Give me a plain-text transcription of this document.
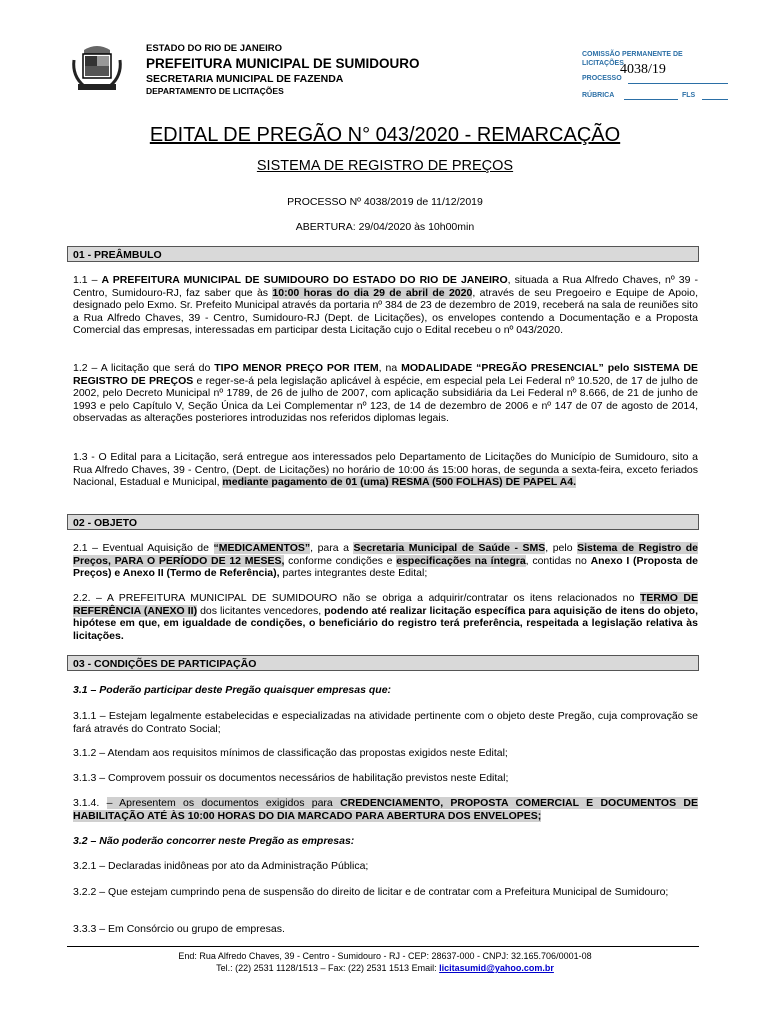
ESTADO DO RIO DE JANEIRO
PREFEITURA MUNICIPAL DE SUMIDOURO
SECRETARIA MUNICIPAL DE FAZENDA
DEPARTAMENTO DE LICITAÇÕES
COMISSÃO PERMANENTE DE
LICITAÇÕES
4038/19
PROCESSO
RÚBRICA	FLS
EDITAL DE PREGÃO N° 043/2020 - REMARCAÇÃO
SISTEMA DE REGISTRO DE PREÇOS
PROCESSO Nº 4038/2019 de 11/12/2019
ABERTURA: 29/04/2020 às 10h00min
01 - PREÂMBULO
1.1 – A PREFEITURA MUNICIPAL DE SUMIDOURO DO ESTADO DO RIO DE JANEIRO, situada a Rua Alfredo Chaves, nº 39 - Centro, Sumidouro-RJ, faz saber que às 10:00 horas do dia 29 de abril de 2020, através de seu Pregoeiro e Equipe de Apoio, designado pelo Exmo. Sr. Prefeito Municipal através da portaria nº 384 de 23 de dezembro de 2019, receberá na sala de reuniões sito a Rua Alfredo Chaves, 39 - Centro, Sumidouro-RJ (Dept. de Licitações), os envelopes contendo a Documentação e a Proposta Comercial das empresas, interessadas em participar desta Licitação cujo o Edital recebeu o nº 043/2020.
1.2 – A licitação que será do TIPO MENOR PREÇO POR ITEM, na MODALIDADE “PREGÃO PRESENCIAL” pelo SISTEMA DE REGISTRO DE PREÇOS e reger-se-á pela legislação aplicável à espécie, em especial pela Lei Federal nº 10.520, de 17 de julho de 2002, pelo Decreto Municipal nº 1789, de 26 de julho de 2007, com aplicação subsidiária da Lei Federal nº 8.666, de 21 de junho de 1993 e pelo Capítulo V, Seção Única da Lei Complementar nº 123, de 14 de dezembro de 2006 e nº 147 de 07 de agosto de 2014, observadas as alterações posteriores introduzidas nos referidos diplomas legais.
1.3 - O Edital para a Licitação, será entregue aos interessados pelo Departamento de Licitações do Município de Sumidouro, sito a Rua Alfredo Chaves, 39 - Centro, (Dept. de Licitações) no horário de 10:00 ás 15:00 horas, de segunda a sexta-feira, exceto feriados Nacional, Estadual e Municipal, mediante pagamento de 01 (uma) RESMA (500 FOLHAS) DE PAPEL A4.
02 - OBJETO
2.1 – Eventual Aquisição de “MEDICAMENTOS”, para a Secretaria Municipal de Saúde - SMS, pelo Sistema de Registro de Preços, PARA O PERÍODO DE 12 MESES, conforme condições e especificações na íntegra, contidas no Anexo I (Proposta de Preços) e Anexo II (Termo de Referência), partes integrantes deste Edital;
2.2. – A PREFEITURA MUNICIPAL DE SUMIDOURO não se obriga a adquirir/contratar os itens relacionados no TERMO DE REFERÊNCIA (ANEXO II) dos licitantes vencedores, podendo até realizar licitação específica para aquisição de itens do objeto, hipótese em que, em igualdade de condições, o beneficiário do registro terá preferência, respeitada a legislação relativa às licitações.
03 - CONDIÇÕES DE PARTICIPAÇÃO
3.1 – Poderão participar deste Pregão quaisquer empresas que:
3.1.1 – Estejam legalmente estabelecidas e especializadas na atividade pertinente com o objeto deste Pregão, cuja comprovação se fará através do Contrato Social;
3.1.2 – Atendam aos requisitos mínimos de classificação das propostas exigidos neste Edital;
3.1.3 – Comprovem possuir os documentos necessários de habilitação previstos neste Edital;
3.1.4. – Apresentem os documentos exigidos para CREDENCIAMENTO, PROPOSTA COMERCIAL E DOCUMENTOS DE HABILITAÇÃO ATÉ ÀS 10:00 HORAS DO DIA MARCADO PARA ABERTURA DOS ENVELOPES;
3.2 – Não poderão concorrer neste Pregão as empresas:
3.2.1 – Declaradas inidôneas por ato da Administração Pública;
3.2.2 – Que estejam cumprindo pena de suspensão do direito de licitar e de contratar com a Prefeitura Municipal de Sumidouro;
3.3.3 – Em Consórcio ou grupo de empresas.
End: Rua Alfredo Chaves, 39 - Centro - Sumidouro - RJ - CEP: 28637-000 - CNPJ: 32.165.706/0001-08
Tel.: (22) 2531 1128/1513 – Fax: (22) 2531 1513 Email: licitasumid@yahoo.com.br
